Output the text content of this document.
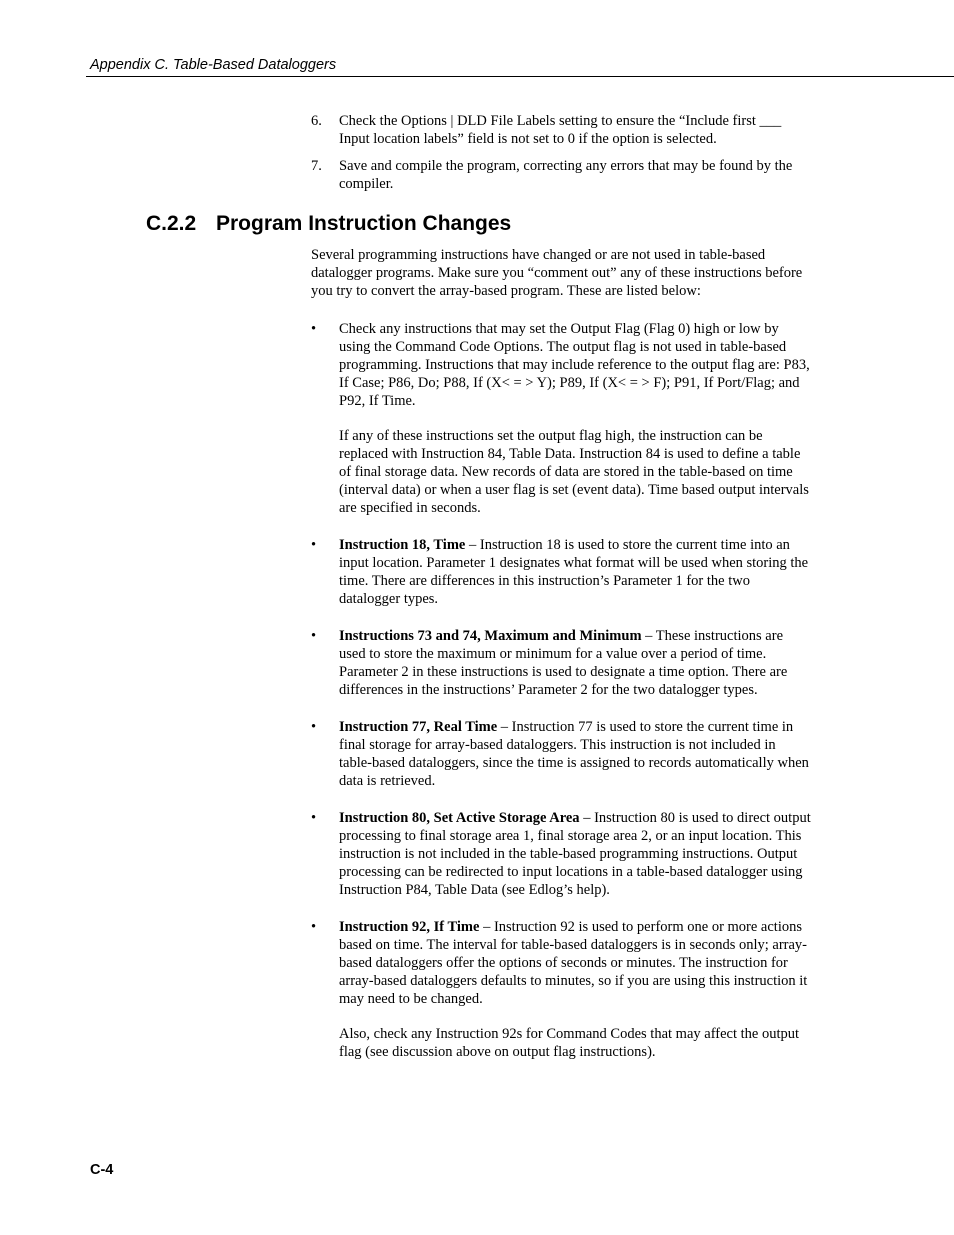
Appendix C. Table-Based Dataloggers
6.	Check the Options | DLD File Labels setting to ensure the “Include first ___ Input location labels” field is not set to 0 if the option is selected.
7.	Save and compile the program, correcting any errors that may be found by the compiler.
C.2.2 Program Instruction Changes

Several programming instructions have changed or are not used in table-based datalogger programs. Make sure you “comment out” any of these instructions before you try to convert the array-based program. These are listed below:

•	Check any instructions that may set the Output Flag (Flag 0) high or low by using the Command Code Options. The output flag is not used in table-based programming. Instructions that may include reference to the output flag are: P83, If Case; P86, Do; P88, If (X< = > Y); P89, If (X< = > F); P91, If Port/Flag; and P92, If Time.

If any of these instructions set the output flag high, the instruction can be replaced with Instruction 84, Table Data. Instruction 84 is used to define a table of final storage data. New records of data are stored in the table-based on time (interval data) or when a user flag is set (event data). Time based output intervals are specified in seconds.

•	Instruction 18, Time – Instruction 18 is used to store the current time into an input location. Parameter 1 designates what format will be used when storing the time. There are differences in this instruction’s Parameter 1 for the two datalogger types.

•	Instructions 73 and 74, Maximum and Minimum – These instructions are used to store the maximum or minimum for a value over a period of time. Parameter 2 in these instructions is used to designate a time option. There are differences in the instructions’ Parameter 2 for the two datalogger types.

•	Instruction 77, Real Time – Instruction 77 is used to store the current time in final storage for array-based dataloggers. This instruction is not included in table-based dataloggers, since the time is assigned to records automatically when data is retrieved.

•	Instruction 80, Set Active Storage Area – Instruction 80 is used to direct output processing to final storage area 1, final storage area 2, or an input location. This instruction is not included in the table-based programming instructions. Output processing can be redirected to input locations in a table-based datalogger using Instruction P84, Table Data (see Edlog’s help).

•	Instruction 92, If Time – Instruction 92 is used to perform one or more actions based on time. The interval for table-based dataloggers is in seconds only; array-based dataloggers offer the options of seconds or minutes. The instruction for array-based dataloggers defaults to minutes, so if you are using this instruction it may need to be changed.

Also, check any Instruction 92s for Command Codes that may affect the output flag (see discussion above on output flag instructions).

C-4
